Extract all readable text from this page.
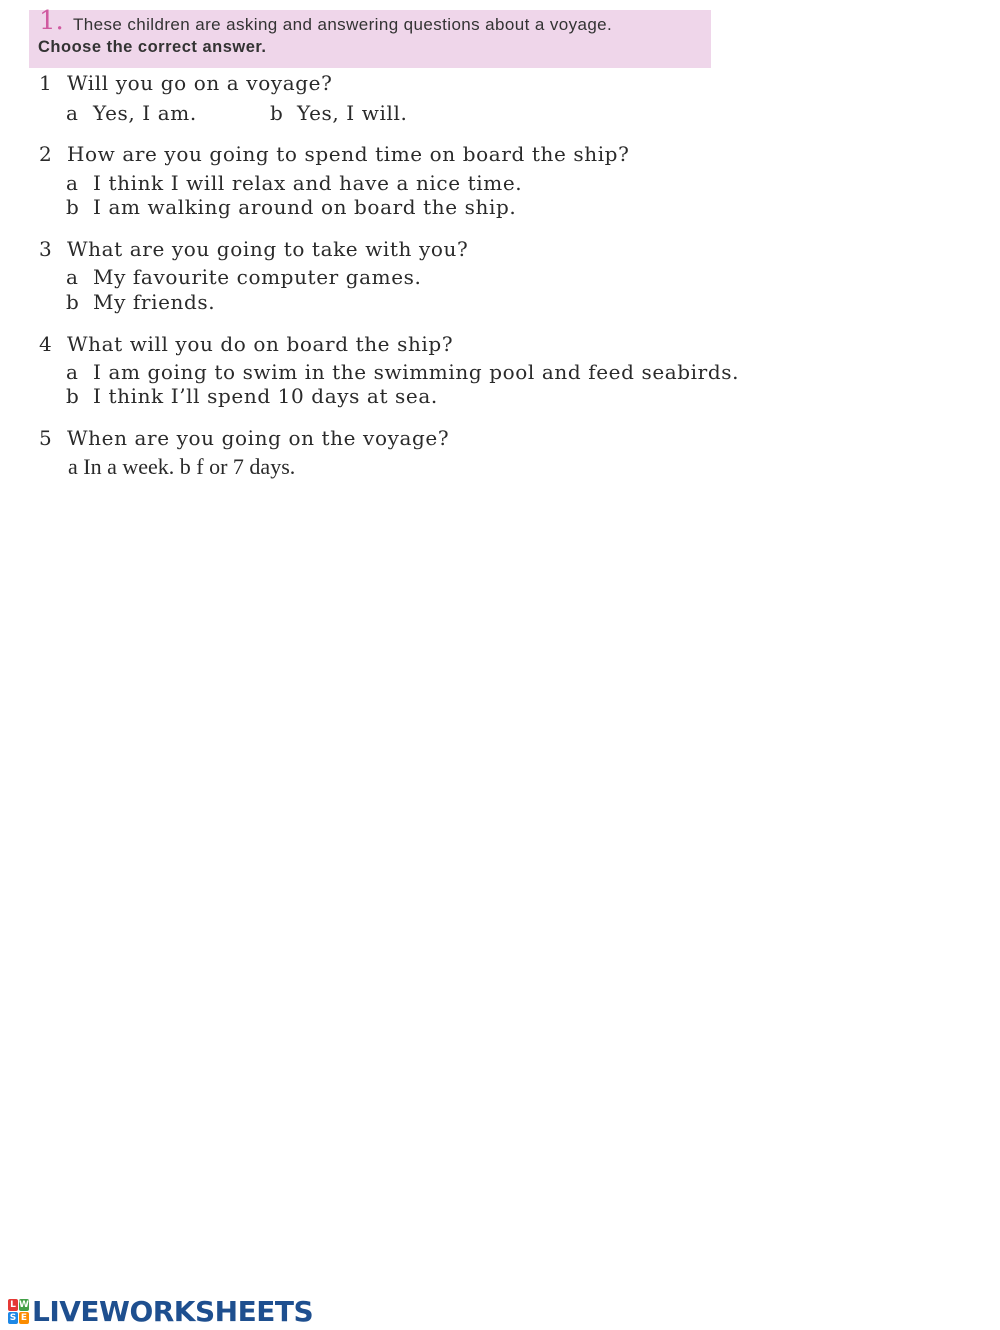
1. These children are asking and answering questions about a voyage.
Choose the correct answer.
1 Will you go on a voyage?
a Yes, I am.	b Yes, I will.
2 How are you going to spend time on board the ship?
a I think I will relax and have a nice time.
b I am walking around on board the ship.
3 What are you going to take with you?
a My favourite computer games.
b My friends.
4 What will you do on board the ship?
a I am going to swim in the swimming pool and feed seabirds.
b I think I’ll spend 10 days at sea.
5 When are you going on the voyage?
a In a week. b f or 7 days.
L W
S E LIVEWORKSHEETS
